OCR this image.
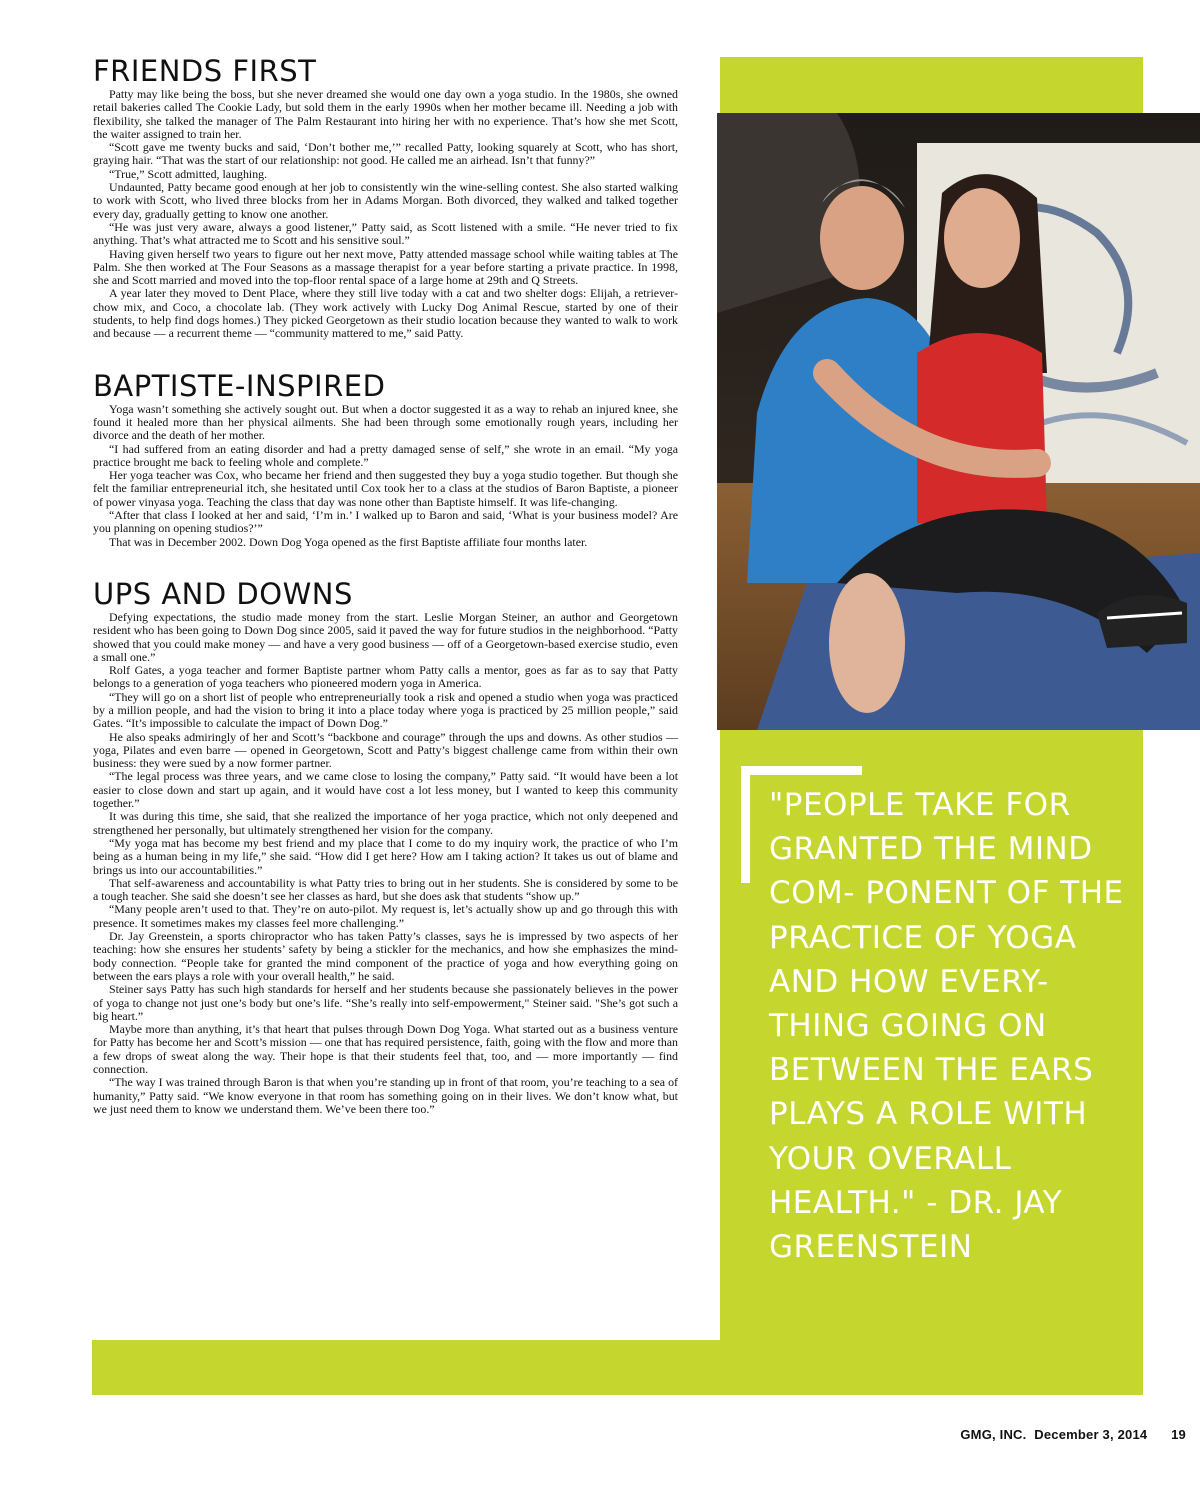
"PEOPLE TAKE FOR GRANTED THE MIND COM- PONENT OF THE PRACTICE OF YOGA AND HOW EVERY- THING GOING ON BETWEEN THE EARS PLAYS A ROLE WITH YOUR OVERALL HEALTH." - DR. JAY GREENSTEIN

FRIENDS FIRST

Patty may like being the boss, but she never dreamed she would one day own a yoga studio. In the 1980s, she owned retail bakeries called The Cookie Lady, but sold them in the early 1990s when her mother became ill. Needing a job with flexibility, she talked the manager of The Palm Restaurant into hiring her with no experience. That’s how she met Scott, the waiter assigned to train her.

“Scott gave me twenty bucks and said, ‘Don’t bother me,’” recalled Patty, looking squarely at Scott, who has short, graying hair. “That was the start of our relationship: not good. He called me an airhead. Isn’t that funny?”

“True,” Scott admitted, laughing.

Undaunted, Patty became good enough at her job to consistently win the wine-selling contest. She also started walking to work with Scott, who lived three blocks from her in Adams Morgan. Both divorced, they walked and talked together every day, gradually getting to know one another.

“He was just very aware, always a good listener,” Patty said, as Scott listened with a smile. “He never tried to fix anything. That’s what attracted me to Scott and his sensitive soul.”

Having given herself two years to figure out her next move, Patty attended massage school while waiting tables at The Palm. She then worked at The Four Seasons as a massage therapist for a year before starting a private practice. In 1998, she and Scott married and moved into the top-floor rental space of a large home at 29th and Q Streets.

A year later they moved to Dent Place, where they still live today with a cat and two shelter dogs: Elijah, a retriever-chow mix, and Coco, a chocolate lab. (They work actively with Lucky Dog Animal Rescue, started by one of their students, to help find dogs homes.) They picked Georgetown as their studio location because they wanted to walk to work and because — a recurrent theme — “community mattered to me,” said Patty.

BAPTISTE-INSPIRED

Yoga wasn’t something she actively sought out. But when a doctor suggested it as a way to rehab an injured knee, she found it healed more than her physical ailments. She had been through some emotionally rough years, including her divorce and the death of her mother.

“I had suffered from an eating disorder and had a pretty damaged sense of self,” she wrote in an email. “My yoga practice brought me back to feeling whole and complete.”

Her yoga teacher was Cox, who became her friend and then suggested they buy a yoga studio together. But though she felt the familiar entrepreneurial itch, she hesitated until Cox took her to a class at the studios of Baron Baptiste, a pioneer of power vinyasa yoga. Teaching the class that day was none other than Baptiste himself. It was life-changing.

“After that class I looked at her and said, ‘I’m in.’ I walked up to Baron and said, ‘What is your business model? Are you planning on opening studios?’”

That was in December 2002. Down Dog Yoga opened as the first Baptiste affiliate four months later.

UPS AND DOWNS

Defying expectations, the studio made money from the start. Leslie Morgan Steiner, an author and Georgetown resident who has been going to Down Dog since 2005, said it paved the way for future studios in the neighborhood. “Patty showed that you could make money — and have a very good business — off of a Georgetown-based exercise studio, even a small one.”

Rolf Gates, a yoga teacher and former Baptiste partner whom Patty calls a mentor, goes as far as to say that Patty belongs to a generation of yoga teachers who pioneered modern yoga in America.

“They will go on a short list of people who entrepreneurially took a risk and opened a studio when yoga was practiced by a million people, and had the vision to bring it into a place today where yoga is practiced by 25 million people,” said Gates. “It’s impossible to calculate the impact of Down Dog.”

He also speaks admiringly of her and Scott’s “backbone and courage” through the ups and downs. As other studios — yoga, Pilates and even barre — opened in Georgetown, Scott and Patty’s biggest challenge came from within their own business: they were sued by a now former partner.

“The legal process was three years, and we came close to losing the company,” Patty said. “It would have been a lot easier to close down and start up again, and it would have cost a lot less money, but I wanted to keep this community together.”

It was during this time, she said, that she realized the importance of her yoga practice, which not only deepened and strengthened her personally, but ultimately strengthened her vision for the company.

“My yoga mat has become my best friend and my place that I come to do my inquiry work, the practice of who I’m being as a human being in my life,” she said. “How did I get here? How am I taking action? It takes us out of blame and brings us into our accountabilities.”

That self-awareness and accountability is what Patty tries to bring out in her students. She is considered by some to be a tough teacher. She said she doesn’t see her classes as hard, but she does ask that students “show up.”

“Many people aren’t used to that. They’re on auto-pilot. My request is, let’s actually show up and go through this with presence. It sometimes makes my classes feel more challenging.”

Dr. Jay Greenstein, a sports chiropractor who has taken Patty’s classes, says he is impressed by two aspects of her teaching: how she ensures her students’ safety by being a stickler for the mechanics, and how she emphasizes the mind-body connection. “People take for granted the mind component of the practice of yoga and how everything going on between the ears plays a role with your overall health,” he said.

Steiner says Patty has such high standards for herself and her students because she passionately believes in the power of yoga to change not just one’s body but one’s life. “She’s really into self-empowerment," Steiner said. "She’s got such a big heart.”

Maybe more than anything, it’s that heart that pulses through Down Dog Yoga. What started out as a business venture for Patty has become her and Scott’s mission — one that has required persistence, faith, going with the flow and more than a few drops of sweat along the way. Their hope is that their students feel that, too, and — more importantly — find connection.

“The way I was trained through Baron is that when you’re standing up in front of that room, you’re teaching to a sea of humanity,” Patty said. “We know everyone in that room has something going on in their lives. We don’t know what, but we just need them to know we understand them. We’ve been there too.”

GMG, INC. December 3, 2014 19
